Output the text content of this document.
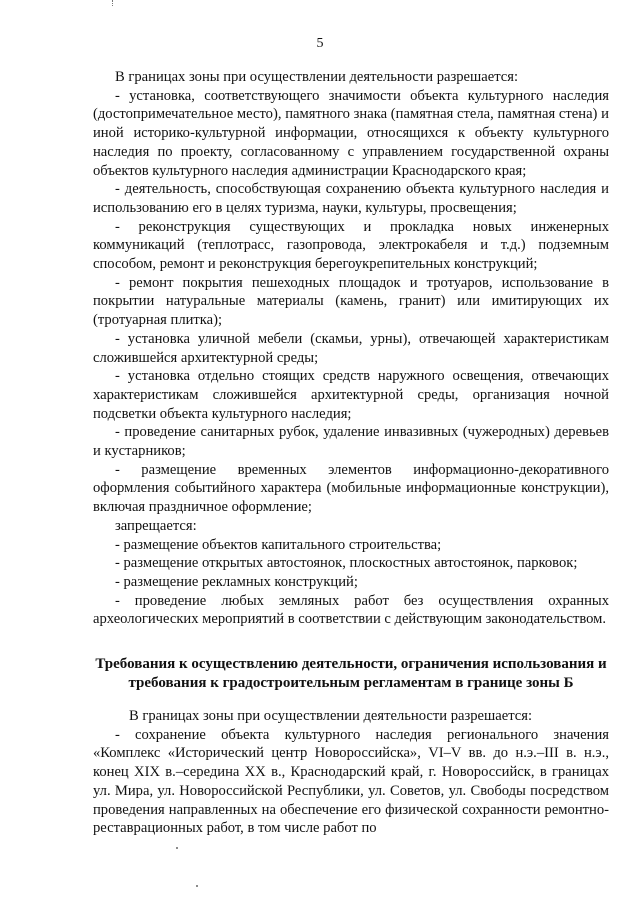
5

В границах зоны при осуществлении деятельности разрешается:

- установка, соответствующего значимости объекта культурного наследия (достопримечательное место), памятного знака (памятная стела, памятная стена) и иной историко-культурной информации, относящихся к объекту культурного наследия по проекту, согласованному с управлением государственной охраны объектов культурного наследия администрации Краснодарского края;

- деятельность, способствующая сохранению объекта культурного наследия и использованию его в целях туризма, науки, культуры, просвещения;

- реконструкция существующих и прокладка новых инженерных коммуникаций (теплотрасс, газопровода, электрокабеля и т.д.) подземным способом, ремонт и реконструкция берегоукрепительных конструкций;

- ремонт покрытия пешеходных площадок и тротуаров, использование в покрытии натуральные материалы (камень, гранит) или имитирующих их (тротуарная плитка);

- установка уличной мебели (скамьи, урны), отвечающей характеристикам сложившейся архитектурной среды;

- установка отдельно стоящих средств наружного освещения, отвечающих характеристикам сложившейся архитектурной среды, организация ночной подсветки объекта культурного наследия;

- проведение санитарных рубок, удаление инвазивных (чужеродных) деревьев и кустарников;

- размещение временных элементов информационно-декоративного оформления событийного характера (мобильные информационные конструкции), включая праздничное оформление;

запрещается:

- размещение объектов капитального строительства;

- размещение открытых автостоянок, плоскостных автостоянок, парковок;

- размещение рекламных конструкций;

- проведение любых земляных работ без осуществления охранных археологических мероприятий в соответствии с действующим законодательством.

Требования к осуществлению деятельности, ограничения использования и требования к градостроительным регламентам в границе зоны Б

В границах зоны при осуществлении деятельности разрешается:

- сохранение объекта культурного наследия регионального значения «Комплекс «Исторический центр Новороссийска», VI–V вв. до н.э.–III в. н.э., конец XIX в.–середина XX в., Краснодарский край, г. Новороссийск, в границах ул. Мира, ул. Новороссийской Республики, ул. Советов, ул. Свободы посредством проведения направленных на обеспечение его физической сохранности ремонтно-реставрационных работ, в том числе работ по
